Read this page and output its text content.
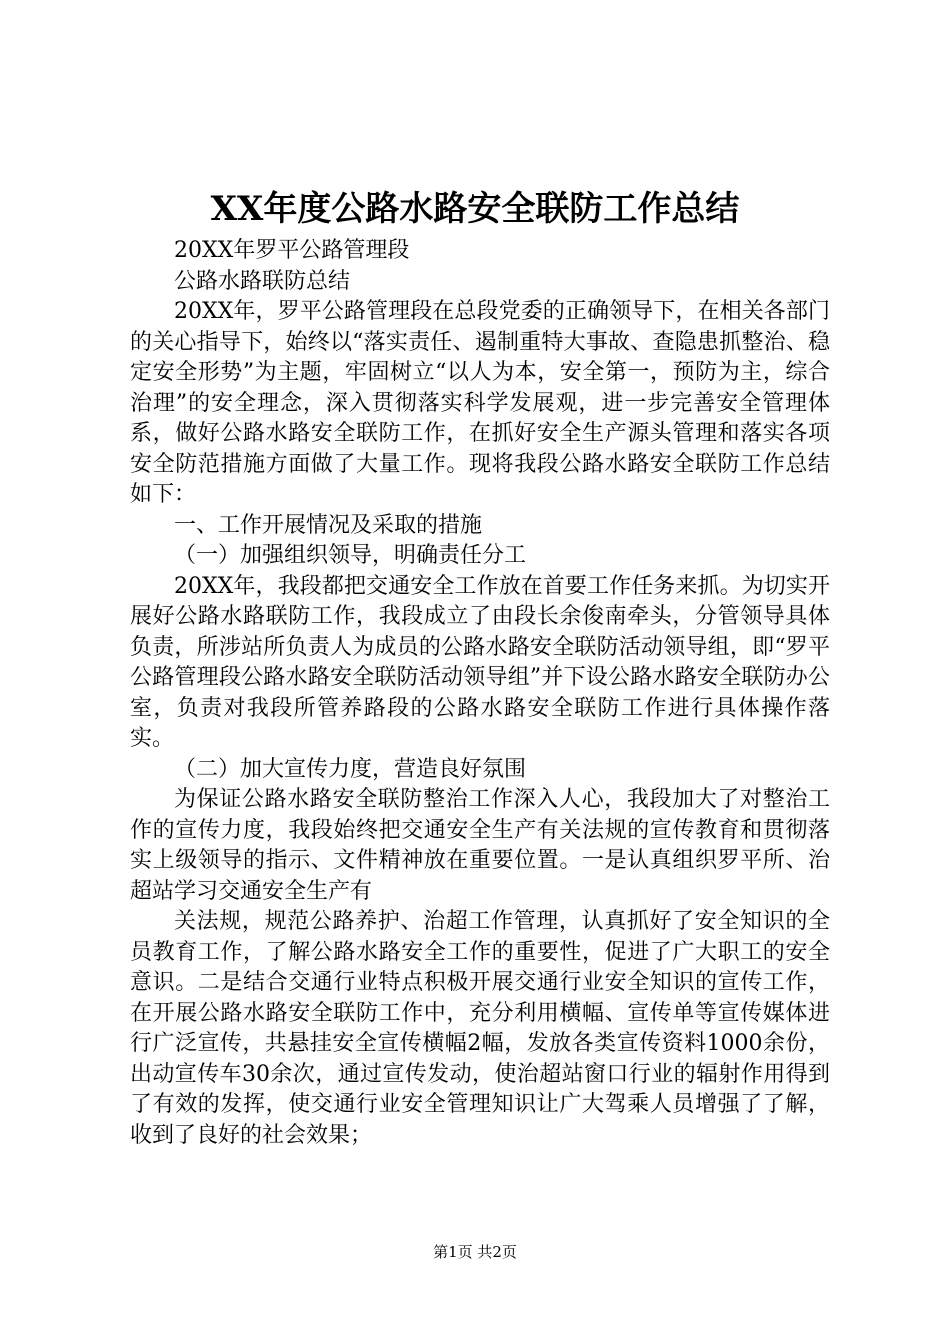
XX年度公路水路安全联防工作总结

20XX年罗平公路管理段

公路水路联防总结

20XX年，罗平公路管理段在总段党委的正确领导下，在相关各部门的关心指导下，始终以“落实责任、遏制重特大事故、查隐患抓整治、稳定安全形势”为主题，牢固树立“以人为本，安全第一，预防为主，综合治理”的安全理念，深入贯彻落实科学发展观，进一步完善安全管理体系，做好公路水路安全联防工作，在抓好安全生产源头管理和落实各项安全防范措施方面做了大量工作。现将我段公路水路安全联防工作总结如下：

一、工作开展情况及采取的措施

（一）加强组织领导，明确责任分工

20XX年，我段都把交通安全工作放在首要工作任务来抓。为切实开展好公路水路联防工作，我段成立了由段长余俊南牵头，分管领导具体负责，所涉站所负责人为成员的公路水路安全联防活动领导组，即“罗平公路管理段公路水路安全联防活动领导组”并下设公路水路安全联防办公室，负责对我段所管养路段的公路水路安全联防工作进行具体操作落实。

（二）加大宣传力度，营造良好氛围

为保证公路水路安全联防整治工作深入人心，我段加大了对整治工作的宣传力度，我段始终把交通安全生产有关法规的宣传教育和贯彻落实上级领导的指示、文件精神放在重要位置。一是认真组织罗平所、治超站学习交通安全生产有

关法规，规范公路养护、治超工作管理，认真抓好了安全知识的全员教育工作，了解公路水路安全工作的重要性，促进了广大职工的安全意识。二是结合交通行业特点积极开展交通行业安全知识的宣传工作，在开展公路水路安全联防工作中，充分利用横幅、宣传单等宣传媒体进行广泛宣传，共悬挂安全宣传横幅2幅，发放各类宣传资料1000余份，出动宣传车30余次，通过宣传发动，使治超站窗口行业的辐射作用得到了有效的发挥，使交通行业安全管理知识让广大驾乘人员增强了了解，收到了良好的社会效果；

第1页 共2页
